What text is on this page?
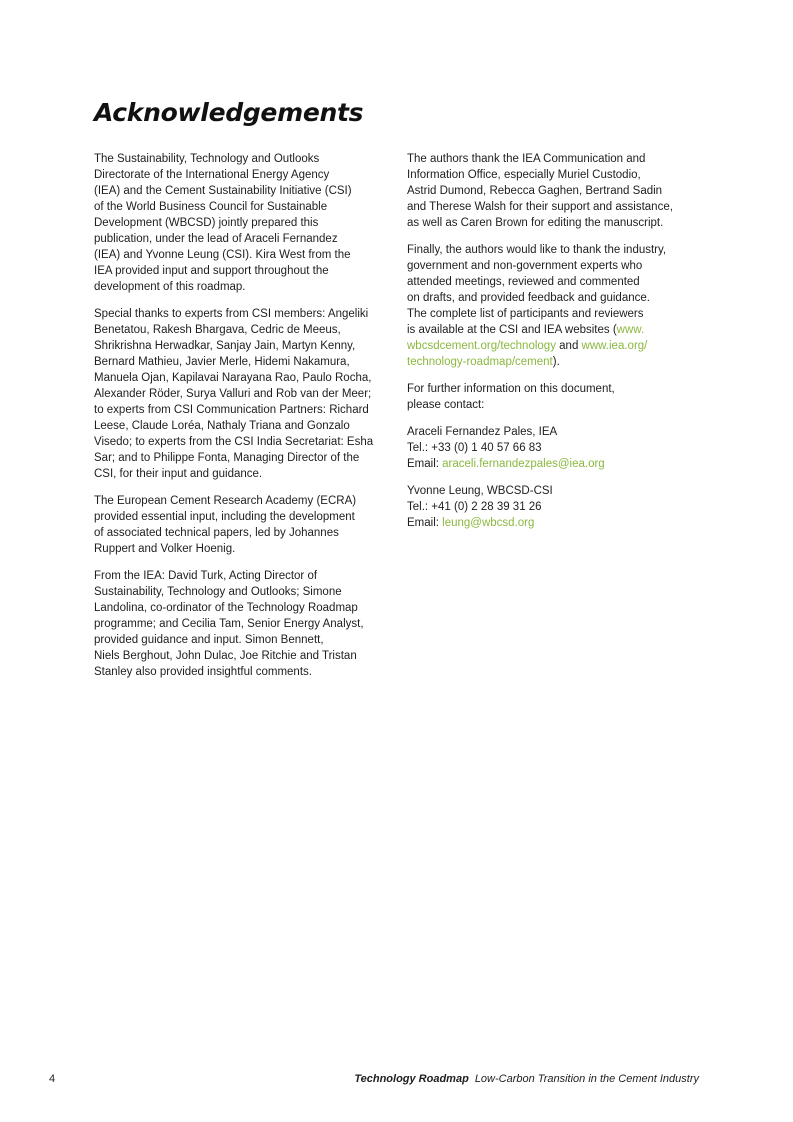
Acknowledgements

The Sustainability, Technology and Outlooks
Directorate of the International Energy Agency
(IEA) and the Cement Sustainability Initiative (CSI)
of the World Business Council for Sustainable
Development (WBCSD) jointly prepared this
publication, under the lead of Araceli Fernandez
(IEA) and Yvonne Leung (CSI). Kira West from the
IEA provided input and support throughout the
development of this roadmap.

Special thanks to experts from CSI members: Angeliki
Benetatou, Rakesh Bhargava, Cedric de Meeus,
Shrikrishna Herwadkar, Sanjay Jain, Martyn Kenny,
Bernard Mathieu, Javier Merle, Hidemi Nakamura,
Manuela Ojan, Kapilavai Narayana Rao, Paulo Rocha,
Alexander Röder, Surya Valluri and Rob van der Meer;
to experts from CSI Communication Partners: Richard
Leese, Claude Loréa, Nathaly Triana and Gonzalo
Visedo; to experts from the CSI India Secretariat: Esha
Sar; and to Philippe Fonta, Managing Director of the
CSI, for their input and guidance.

The European Cement Research Academy (ECRA)
provided essential input, including the development
of associated technical papers, led by Johannes
Ruppert and Volker Hoenig.

From the IEA: David Turk, Acting Director of
Sustainability, Technology and Outlooks; Simone
Landolina, co-ordinator of the Technology Roadmap
programme; and Cecilia Tam, Senior Energy Analyst,
provided guidance and input. Simon Bennett,
Niels Berghout, John Dulac, Joe Ritchie and Tristan
Stanley also provided insightful comments.

The authors thank the IEA Communication and
Information Office, especially Muriel Custodio,
Astrid Dumond, Rebecca Gaghen, Bertrand Sadin
and Therese Walsh for their support and assistance,
as well as Caren Brown for editing the manuscript.

Finally, the authors would like to thank the industry,
government and non-government experts who
attended meetings, reviewed and commented
on drafts, and provided feedback and guidance.
The complete list of participants and reviewers
is available at the CSI and IEA websites (www.
wbcsdcement.org/technology and www.iea.org/
technology-roadmap/cement).

For further information on this document,
please contact:

Araceli Fernandez Pales, IEA
Tel.: +33 (0) 1 40 57 66 83
Email: araceli.fernandezpales@iea.org

Yvonne Leung, WBCSD-CSI
Tel.: +41 (0) 2 28 39 31 26
Email: leung@wbcsd.org

4	Technology Roadmap Low-Carbon Transition in the Cement Industry
